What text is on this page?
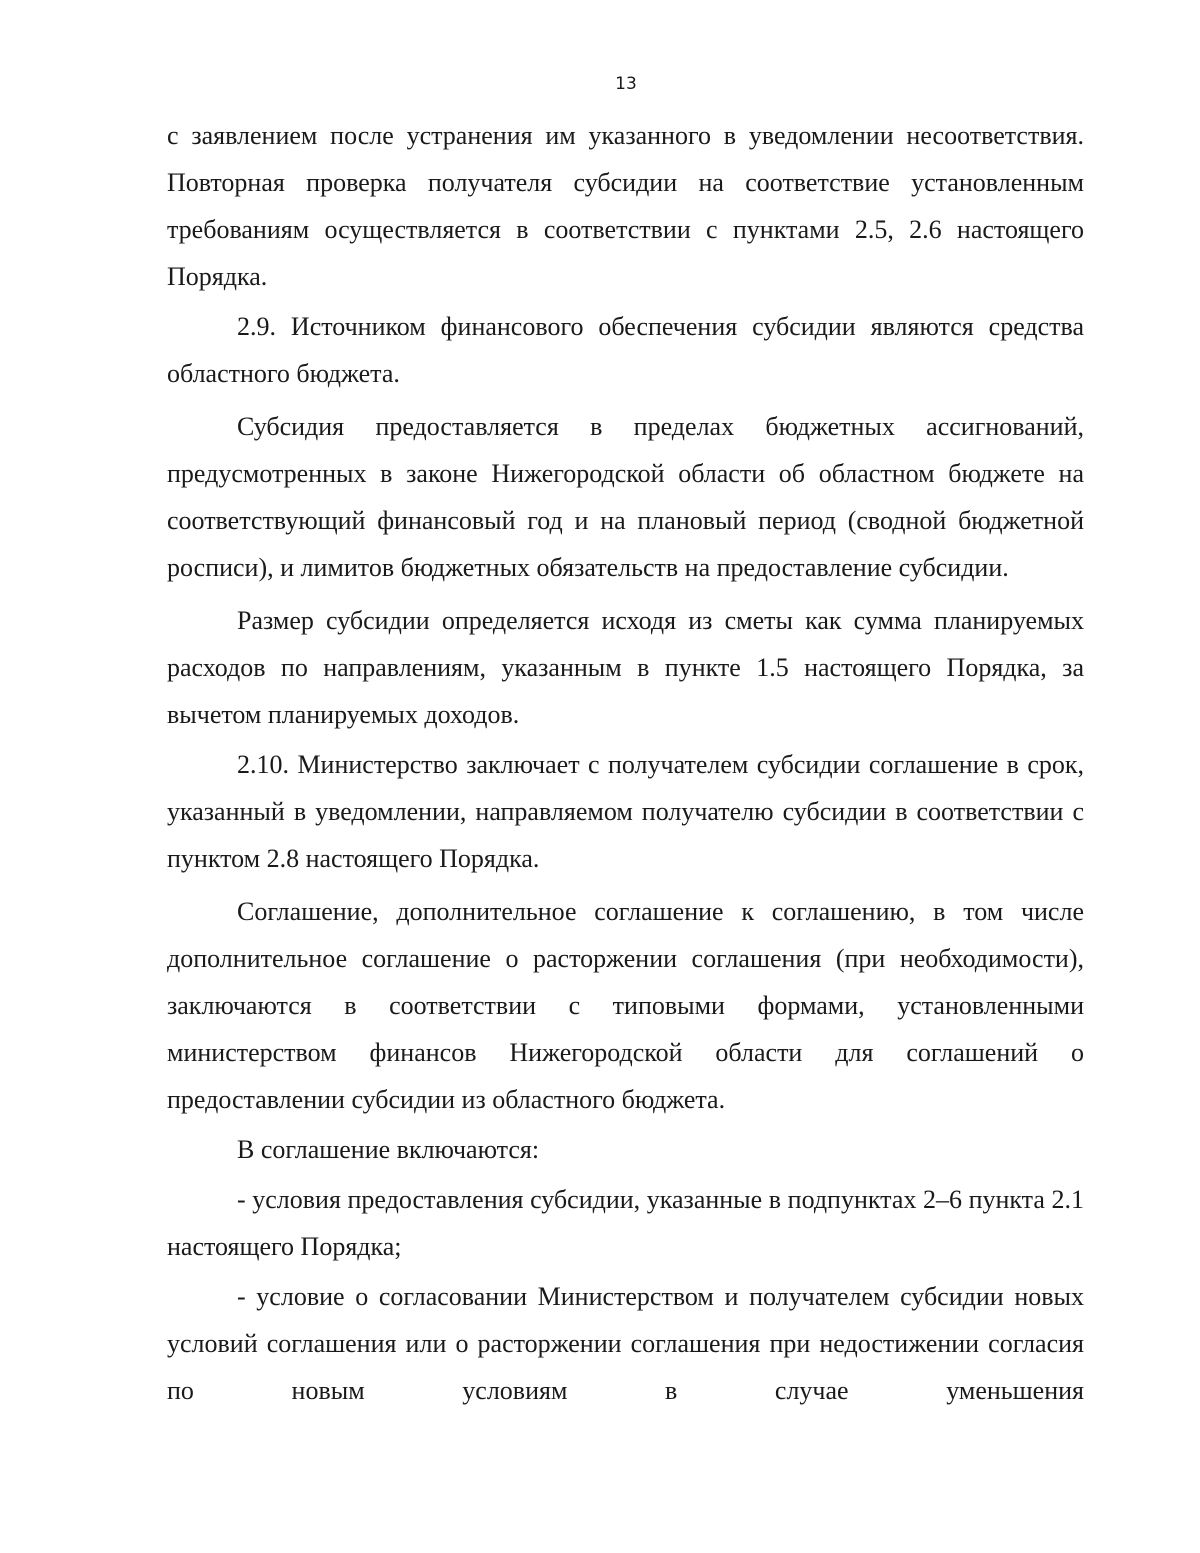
13

с заявлением после устранения им указанного в уведомлении несоответствия. Повторная проверка получателя субсидии на соответствие установленным требованиям осуществляется в соответствии с пунктами 2.5, 2.6 настоящего Порядка.

2.9. Источником финансового обеспечения субсидии являются средства областного бюджета.

Субсидия предоставляется в пределах бюджетных ассигнований, предусмотренных в законе Нижегородской области об областном бюджете на соответствующий финансовый год и на плановый период (сводной бюджетной росписи), и лимитов бюджетных обязательств на предоставление субсидии.

Размер субсидии определяется исходя из сметы как сумма планируемых расходов по направлениям, указанным в пункте 1.5 настоящего Порядка, за вычетом планируемых доходов.

2.10. Министерство заключает с получателем субсидии соглашение в срок, указанный в уведомлении, направляемом получателю субсидии в соответствии с пунктом 2.8 настоящего Порядка.

Соглашение, дополнительное соглашение к соглашению, в том числе дополнительное соглашение о расторжении соглашения (при необходимости), заключаются в соответствии с типовыми формами, установленными министерством финансов Нижегородской области для соглашений о предоставлении субсидии из областного бюджета.

В соглашение включаются:

- условия предоставления субсидии, указанные в подпунктах 2–6 пункта 2.1 настоящего Порядка;

- условие о согласовании Министерством и получателем субсидии новых условий соглашения или о расторжении соглашения при недостижении согласия по новым условиям в случае уменьшения
